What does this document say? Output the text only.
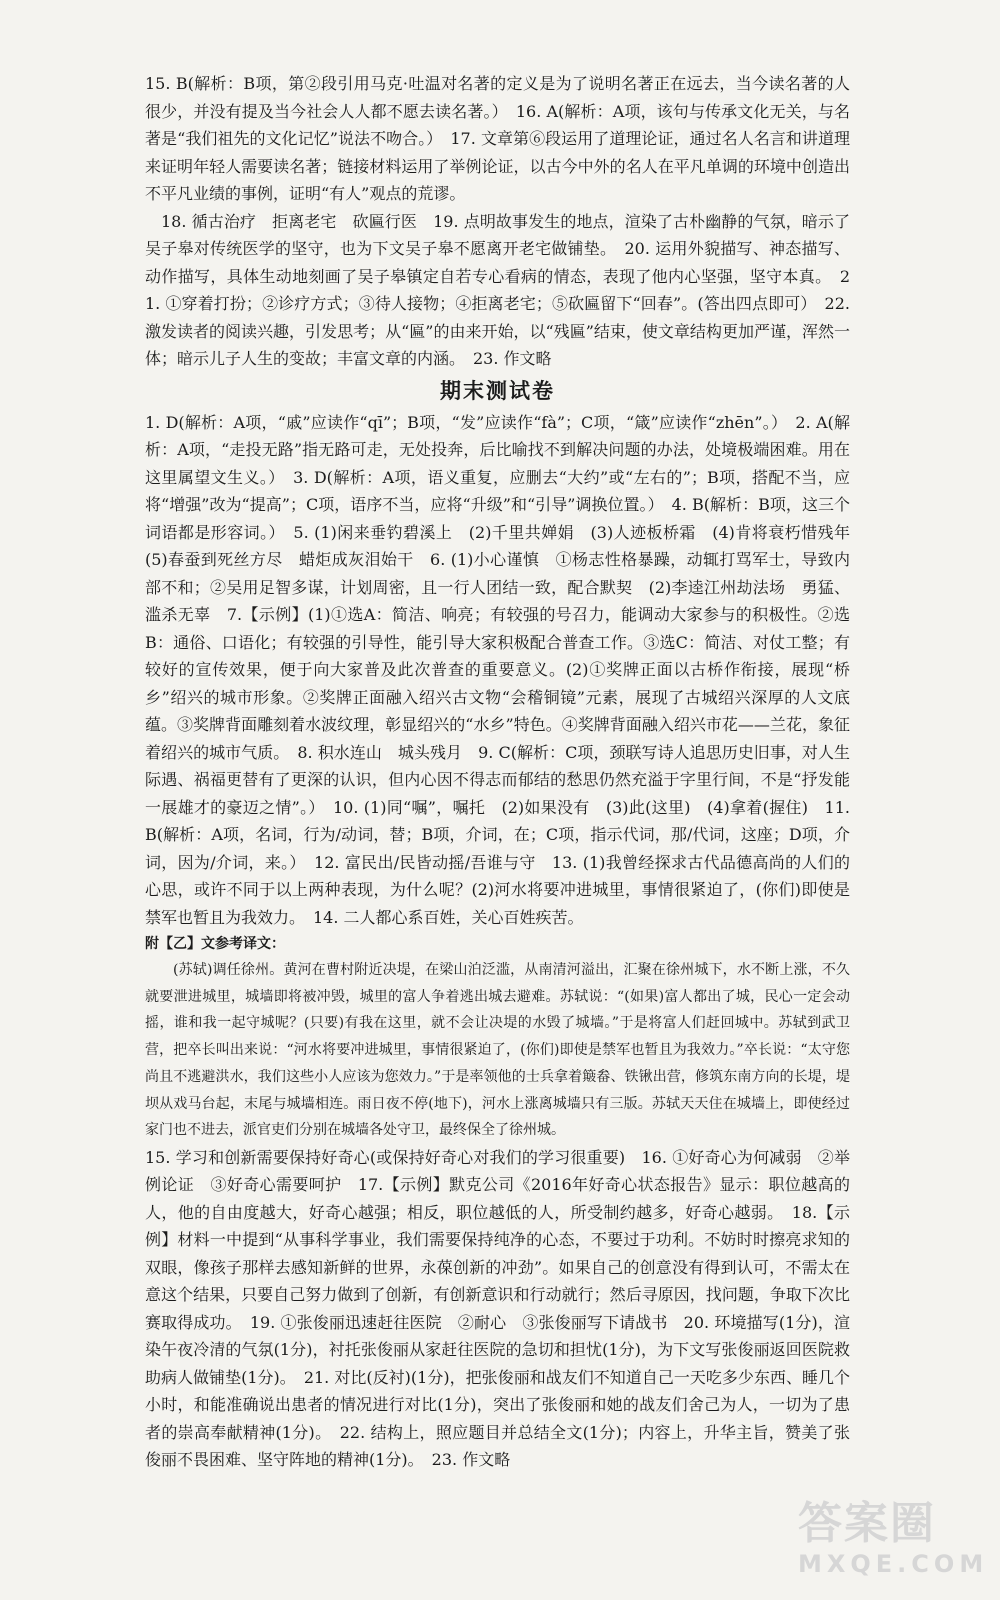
15. B(解析：B项，第②段引用马克·吐温对名著的定义是为了说明名著正在远去，当今读名著的人很少，并没有提及当今社会人人都不愿去读名著。）　16. A(解析：A项，该句与传承文化无关，与名著是“我们祖先的文化记忆”说法不吻合。）　17. 文章第⑥段运用了道理论证，通过名人名言和讲道理来证明年轻人需要读名著；链接材料运用了举例论证，以古今中外的名人在平凡单调的环境中创造出不平凡业绩的事例，证明“有人”观点的荒谬。

18. 循古治疗　拒离老宅　砍匾行医　19. 点明故事发生的地点，渲染了古朴幽静的气氛，暗示了吴子皋对传统医学的坚守，也为下文吴子皋不愿离开老宅做铺垫。　20. 运用外貌描写、神态描写、动作描写，具体生动地刻画了吴子皋镇定自若专心看病的情态，表现了他内心坚强，坚守本真。　21. ①穿着打扮；②诊疗方式；③待人接物；④拒离老宅；⑤砍匾留下“回春”。(答出四点即可）　22. 激发读者的阅读兴趣，引发思考；从“匾”的由来开始，以“残匾”结束，使文章结构更加严谨，浑然一体；暗示儿子人生的变故；丰富文章的内涵。　23. 作文略

期末测试卷

1. D(解析：A项，“戚”应读作“qī”；B项，“发”应读作“fà”；C项，“箴”应读作“zhēn”。）　2. A(解析：A项，“走投无路”指无路可走，无处投奔，后比喻找不到解决问题的办法，处境极端困难。用在这里属望文生义。）　3. D(解析：A项，语义重复，应删去“大约”或“左右的”；B项，搭配不当，应将“增强”改为“提高”；C项，语序不当，应将“升级”和“引导”调换位置。）　4. B(解析：B项，这三个词语都是形容词。）　5. (1)闲来垂钓碧溪上　(2)千里共婵娟　(3)人迹板桥霜　(4)肯将衰朽惜残年　(5)春蚕到死丝方尽　蜡炬成灰泪始干　6. (1)小心谨慎　①杨志性格暴躁，动辄打骂军士，导致内部不和；②吴用足智多谋，计划周密，且一行人团结一致，配合默契　(2)李逵江州劫法场　勇猛、滥杀无辜　7.【示例】(1)①选A：简洁、响亮；有较强的号召力，能调动大家参与的积极性。②选B：通俗、口语化；有较强的引导性，能引导大家积极配合普查工作。③选C：简洁、对仗工整；有较好的宣传效果，便于向大家普及此次普查的重要意义。(2)①奖牌正面以古桥作衔接，展现“桥乡”绍兴的城市形象。②奖牌正面融入绍兴古文物“会稽铜镜”元素，展现了古城绍兴深厚的人文底蕴。③奖牌背面雕刻着水波纹理，彰显绍兴的“水乡”特色。④奖牌背面融入绍兴市花——兰花，象征着绍兴的城市气质。　8. 积水连山　城头残月　9. C(解析：C项，颈联写诗人追思历史旧事，对人生际遇、祸福更替有了更深的认识，但内心因不得志而郁结的愁思仍然充溢于字里行间，不是“抒发能一展雄才的豪迈之情”。）　10. (1)同“嘱”，嘱托　(2)如果没有　(3)此(这里)　(4)拿着(握住)　11. B(解析：A项，名词，行为/动词，替；B项，介词，在；C项，指示代词，那/代词，这座；D项，介词，因为/介词，来。）　12. 富民出/民皆动摇/吾谁与守　13. (1)我曾经探求古代品德高尚的人们的心思，或许不同于以上两种表现，为什么呢？(2)河水将要冲进城里，事情很紧迫了，(你们)即使是禁军也暂且为我效力。　14. 二人都心系百姓，关心百姓疾苦。

附【乙】文参考译文：

(苏轼)调任徐州。黄河在曹村附近决堤，在梁山泊泛滥，从南清河溢出，汇聚在徐州城下，水不断上涨，不久就要泄进城里，城墙即将被冲毁，城里的富人争着逃出城去避难。苏轼说：“(如果)富人都出了城，民心一定会动摇，谁和我一起守城呢？(只要)有我在这里，就不会让决堤的水毁了城墙。”于是将富人们赶回城中。苏轼到武卫营，把卒长叫出来说：“河水将要冲进城里，事情很紧迫了，(你们)即使是禁军也暂且为我效力。”卒长说：“太守您尚且不逃避洪水，我们这些小人应该为您效力。”于是率领他的士兵拿着簸畚、铁锹出营，修筑东南方向的长堤，堤坝从戏马台起，末尾与城墙相连。雨日夜不停(地下)，河水上涨离城墙只有三版。苏轼天天住在城墙上，即使经过家门也不进去，派官吏们分别在城墙各处守卫，最终保全了徐州城。

15. 学习和创新需要保持好奇心(或保持好奇心对我们的学习很重要)　16. ①好奇心为何减弱　②举例论证　③好奇心需要呵护　17.【示例】默克公司《2016年好奇心状态报告》显示：职位越高的人，他的自由度越大，好奇心越强；相反，职位越低的人，所受制约越多，好奇心越弱。　18.【示例】材料一中提到“从事科学事业，我们需要保持纯净的心态，不要过于功利。不妨时时擦亮求知的双眼，像孩子那样去感知新鲜的世界，永葆创新的冲劲”。如果自己的创意没有得到认可，不需太在意这个结果，只要自己努力做到了创新，有创新意识和行动就行；然后寻原因，找问题，争取下次比赛取得成功。　19. ①张俊丽迅速赶往医院　②耐心　③张俊丽写下请战书　20. 环境描写(1分)，渲染午夜冷清的气氛(1分)，衬托张俊丽从家赶往医院的急切和担忧(1分)，为下文写张俊丽返回医院救助病人做铺垫(1分)。　21. 对比(反衬)(1分)，把张俊丽和战友们不知道自己一天吃多少东西、睡几个小时，和能准确说出患者的情况进行对比(1分)，突出了张俊丽和她的战友们舍己为人，一切为了患者的崇高奉献精神(1分)。　22. 结构上，照应题目并总结全文(1分)；内容上，升华主旨，赞美了张俊丽不畏困难、坚守阵地的精神(1分)。　23. 作文略

答案圈
MXQE.COM
